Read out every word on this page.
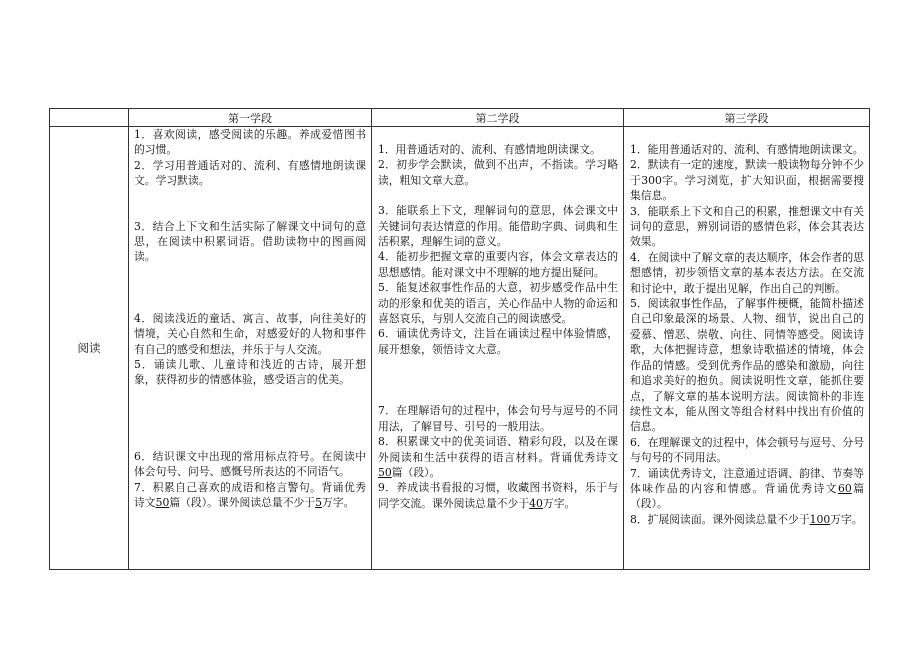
第一学段	第二学段	第三学段
阅读

1．喜欢阅读，感受阅读的乐趣。养成爱惜图书的习惯。

2．学习用普通话对的、流利、有感情地朗读课文。学习默读。

3．结合上下文和生活实际了解课文中词句的意思，在阅读中积累词语。借助读物中的图画阅读。

4．阅读浅近的童话、寓言、故事，向往美好的情境，关心自然和生命，对感爱好的人物和事件有自己的感受和想法，并乐于与人交流。

5．诵读儿歌、儿童诗和浅近的古诗，展开想象，获得初步的情感体验，感受语言的优美。

6．结识课文中出现的常用标点符号。在阅读中体会句号、问号、感慨号所表达的不同语气。

7．积累自己喜欢的成语和格言警句。背诵优秀诗文50篇（段）。课外阅读总量不少于5万字。

1．用普通话对的、流利、有感情地朗读课文。

2．初步学会默读，做到不出声，不指读。学习略读，粗知文章大意。

3．能联系上下文，理解词句的意思，体会课文中关键词句表达情意的作用。能借助字典、词典和生活积累，理解生词的意义。

4．能初步把握文章的重要内容，体会文章表达的思想感情。能对课文中不理解的地方提出疑问。

5．能复述叙事性作品的大意，初步感受作品中生动的形象和优美的语言，关心作品中人物的命运和喜怒哀乐，与别人交流自己的阅读感受。

6．诵读优秀诗文，注旨在诵读过程中体验情感，展开想象，领悟诗文大意。

7．在理解语句的过程中，体会句号与逗号的不同用法，了解冒号、引号的一般用法。

8．积累课文中的优美词语、精彩句段，以及在课外阅读和生活中获得的语言材料。背诵优秀诗文50篇（段）。

9．养成读书看报的习惯，收藏图书资料，乐于与同学交流。课外阅读总量不少于40万字。

1．能用普通话对的、流利、有感情地朗读课文。

2．默读有一定的速度，默读一般读物每分钟不少于300字。学习浏览，扩大知识面，根据需要搜集信息。

3．能联系上下文和自己的积累，推想课文中有关词句的意思，辨别词语的感情色彩，体会其表达效果。

4．在阅读中了解文章的表达顺序，体会作者的思想感情，初步领悟文章的基本表达方法。在交流和讨论中，敢于提出见解，作出自己的判断。

5．阅读叙事性作品，了解事件梗概，能简朴描述自己印象最深的场景、人物、细节，说出自己的爱慕、憎恶、崇敬、向往、同情等感受。阅读诗歌，大体把握诗意，想象诗歌描述的情境，体会作品的情感。受到优秀作品的感染和激励，向往和追求美好的抱负。阅读说明性文章，能抓住要点，了解文章的基本说明方法。阅读简朴的非连续性文本，能从图文等组合材料中找出有价值的信息。

6．在理解课文的过程中，体会顿号与逗号、分号与句号的不同用法。

7．诵读优秀诗文，注意通过语调、韵律、节奏等体味作品的内容和情感。背诵优秀诗文60篇（段）。

8．扩展阅读面。课外阅读总量不少于100万字。
